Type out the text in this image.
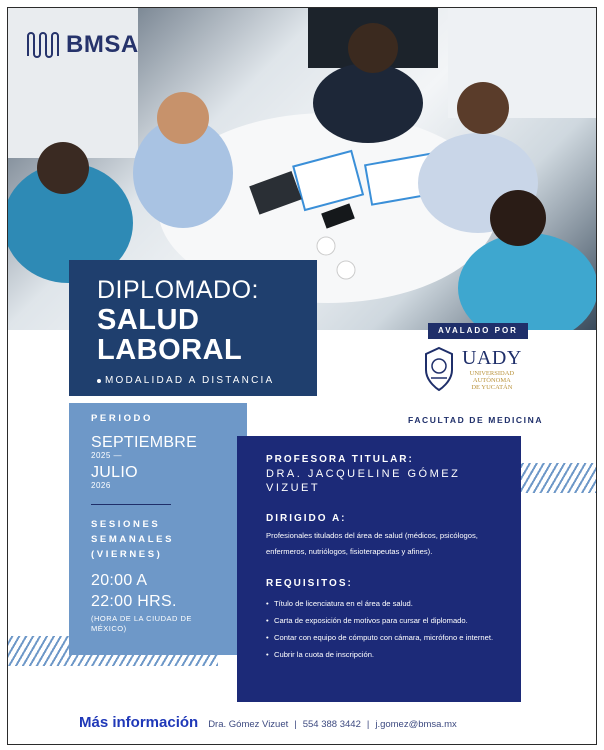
BMSA
DIPLOMADO:
SALUD
LABORAL
MODALIDAD A DISTANCIA
AVALADO POR
UADY
UNIVERSIDAD
AUTÓNOMA
DE YUCATÁN
FACULTAD DE MEDICINA
PERIODO
SEPTIEMBRE
2025 —
JULIO
2026
SESIONES
SEMANALES
(VIERNES)
20:00 A
22:00 HRS.
(HORA DE LA CIUDAD DE
MÉXICO)
PROFESORA TITULAR:
DRA. JACQUELINE GÓMEZ VIZUET
DIRIGIDO A:
Profesionales titulados del área de salud (médicos, psicólogos, enfermeros, nutriólogos, fisioterapeutas y afines).
REQUISITOS:
• Título de licenciatura en el área de salud.
• Carta de exposición de motivos para cursar el diplomado.
• Contar con equipo de cómputo con cámara, micrófono e internet.
• Cubrir la cuota de inscripción.
Más información Dra. Gómez Vizuet | 554 388 3442 | j.gomez@bmsa.mx
